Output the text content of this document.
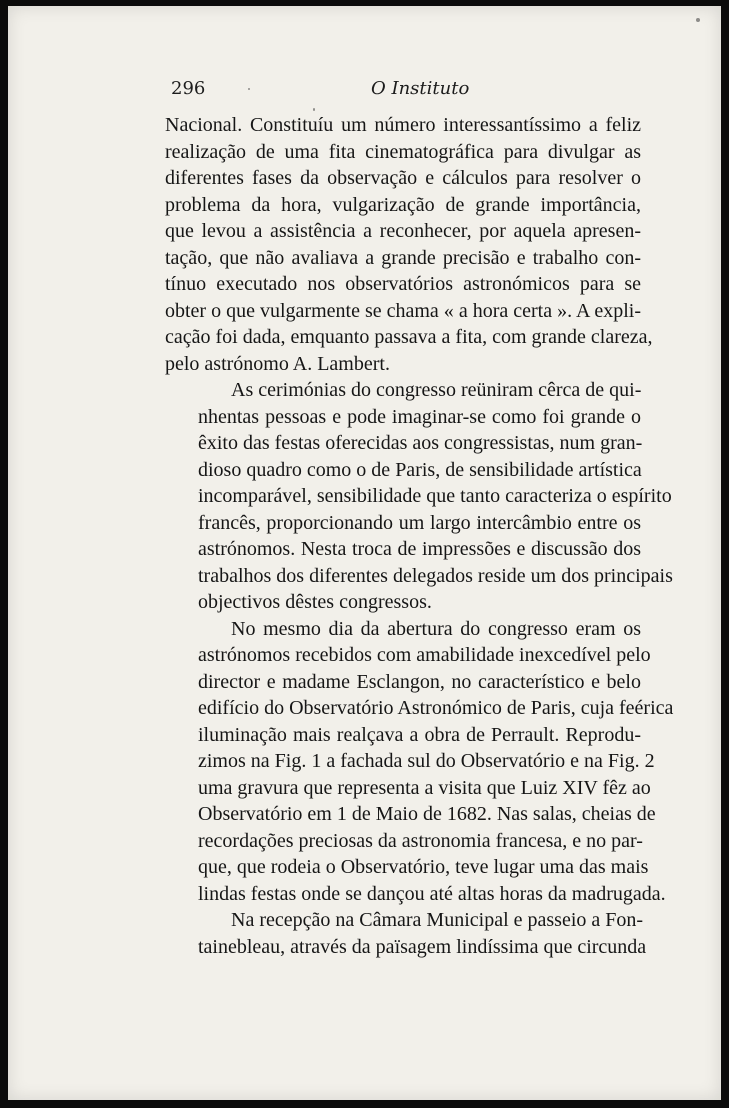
296	O Instituto

Nacional. Constituíu um número interessantíssimo a feliz
realização de uma fita cinematográfica para divulgar as
diferentes fases da observação e cálculos para resolver o
problema da hora, vulgarização de grande importância,
que levou a assistência a reconhecer, por aquela apresen-
tação, que não avaliava a grande precisão e trabalho con-
tínuo executado nos observatórios astronómicos para se
obter o que vulgarmente se chama « a hora certa ». A expli-
cação foi dada, emquanto passava a fita, com grande clareza,
pelo astrónomo A. Lambert.

As cerimónias do congresso reüniram cêrca de qui-
nhentas pessoas e pode imaginar-se como foi grande o
êxito das festas oferecidas aos congressistas, num gran-
dioso quadro como o de Paris, de sensibilidade artística
incomparável, sensibilidade que tanto caracteriza o espírito
francês, proporcionando um largo intercâmbio entre os
astrónomos. Nesta troca de impressões e discussão dos
trabalhos dos diferentes delegados reside um dos principais
objectivos dêstes congressos.

No mesmo dia da abertura do congresso eram os
astrónomos recebidos com amabilidade inexcedível pelo
director e madame Esclangon, no característico e belo
edifício do Observatório Astronómico de Paris, cuja feérica
iluminação mais realçava a obra de Perrault. Reprodu-
zimos na Fig. 1 a fachada sul do Observatório e na Fig. 2
uma gravura que representa a visita que Luiz XIV fêz ao
Observatório em 1 de Maio de 1682. Nas salas, cheias de
recordações preciosas da astronomia francesa, e no par-
que, que rodeia o Observatório, teve lugar uma das mais
lindas festas onde se dançou até altas horas da madrugada.

Na recepção na Câmara Municipal e passeio a Fon-
tainebleau, através da païsagem lindíssima que circunda
